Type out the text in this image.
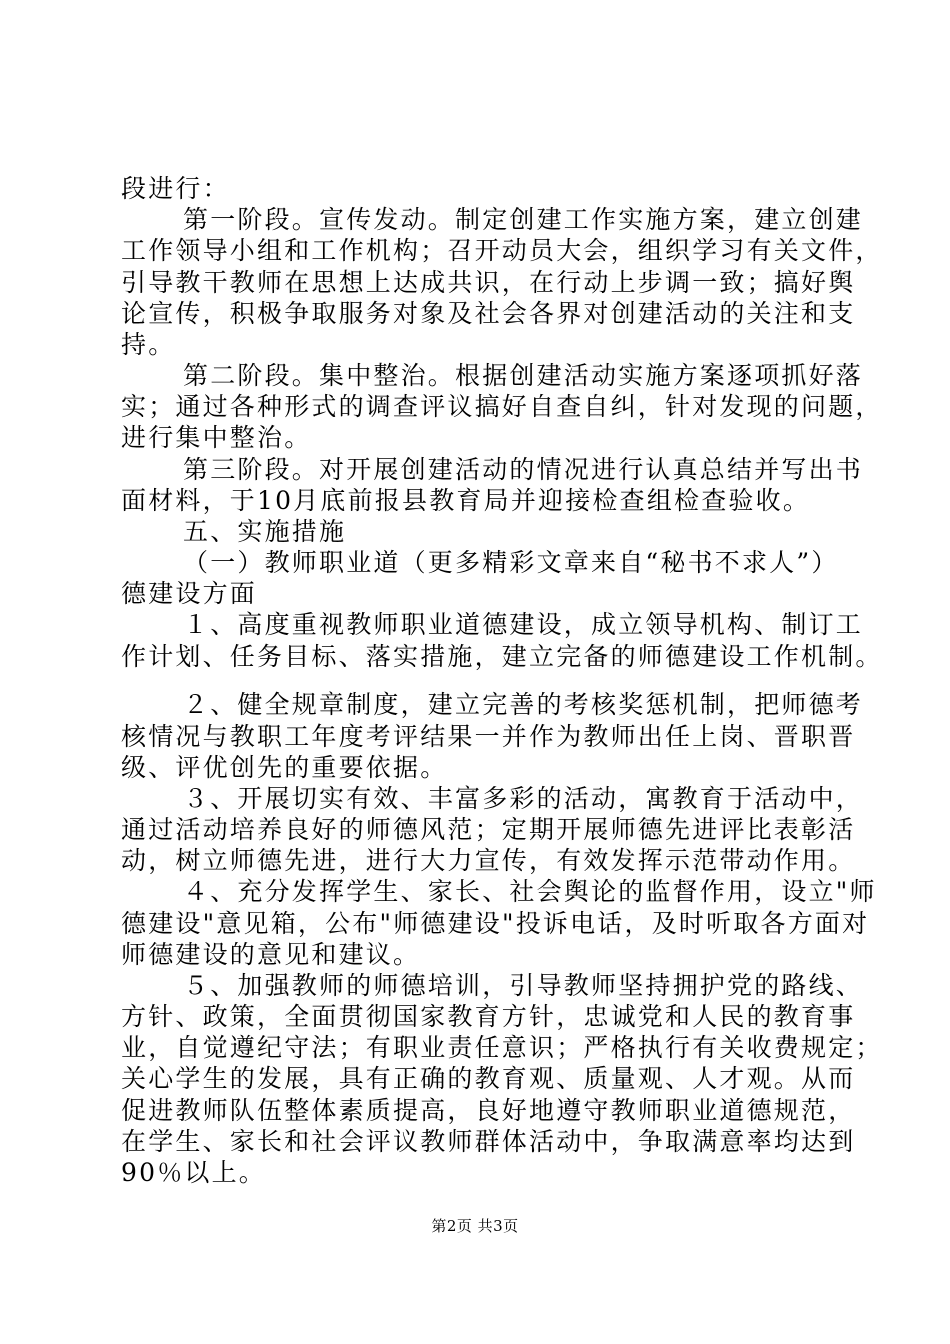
段进行：
第一阶段。宣传发动。制定创建工作实施方案，建立创建
工作领导小组和工作机构；召开动员大会，组织学习有关文件，
引导教干教师在思想上达成共识，在行动上步调一致；搞好舆
论宣传，积极争取服务对象及社会各界对创建活动的关注和支
持。
第二阶段。集中整治。根据创建活动实施方案逐项抓好落
实；通过各种形式的调查评议搞好自查自纠，针对发现的问题，
进行集中整治。
第三阶段。对开展创建活动的情况进行认真总结并写出书
面材料，于10月底前报县教育局并迎接检查组检查验收。
五、实施措施
（一）教师职业道（更多精彩文章来自“秘书不求人”）
德建设方面
１、高度重视教师职业道德建设，成立领导机构、制订工
作计划、任务目标、落实措施，建立完备的师德建设工作机制。
２、健全规章制度，建立完善的考核奖惩机制，把师德考
核情况与教职工年度考评结果一并作为教师出任上岗、晋职晋
级、评优创先的重要依据。
３、开展切实有效、丰富多彩的活动，寓教育于活动中，
通过活动培养良好的师德风范；定期开展师德先进评比表彰活
动，树立师德先进，进行大力宣传，有效发挥示范带动作用。
４、充分发挥学生、家长、社会舆论的监督作用，设立"师
德建设"意见箱，公布"师德建设"投诉电话，及时听取各方面对
师德建设的意见和建议。
５、加强教师的师德培训，引导教师坚持拥护党的路线、
方针、政策，全面贯彻国家教育方针，忠诚党和人民的教育事
业，自觉遵纪守法；有职业责任意识；严格执行有关收费规定；
关心学生的发展，具有正确的教育观、质量观、人才观。从而
促进教师队伍整体素质提高，良好地遵守教师职业道德规范，
在学生、家长和社会评议教师群体活动中，争取满意率均达到
90％以上。
第2页 共3页
